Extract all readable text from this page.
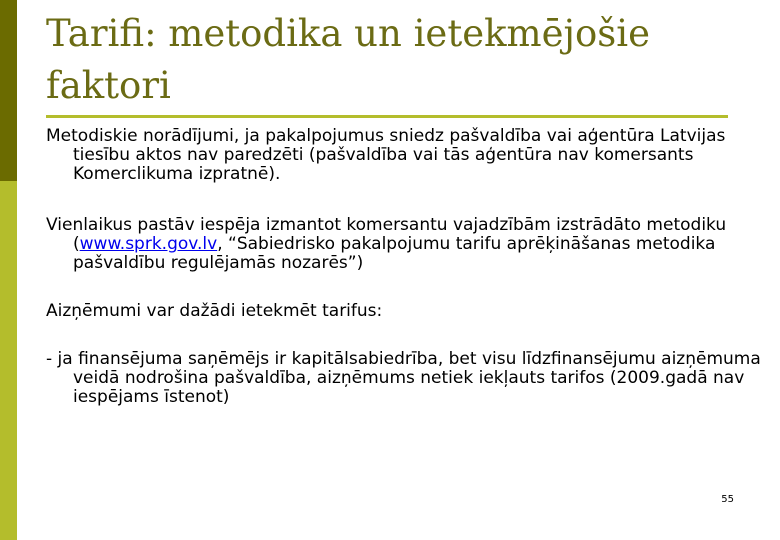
Tarifi: metodika un ietekmējošie faktori

Metodiskie norādījumi, ja pakalpojumus sniedz pašvaldība vai aģentūra Latvijas tiesību aktos nav paredzēti (pašvaldība vai tās aģentūra nav komersants Komerclikuma izpratnē).

Vienlaikus pastāv iespēja izmantot komersantu vajadzībām izstrādāto metodiku (www.sprk.gov.lv, “Sabiedrisko pakalpojumu tarifu aprēķināšanas metodika pašvaldību regulējamās nozarēs”)

Aizņēmumi var dažādi ietekmēt tarifus:

- ja finansējuma saņēmējs ir kapitālsabiedrība, bet visu līdzfinansējumu aizņēmuma veidā nodrošina pašvaldība, aizņēmums netiek iekļauts tarifos (2009.gadā nav iespējams īstenot)

55
